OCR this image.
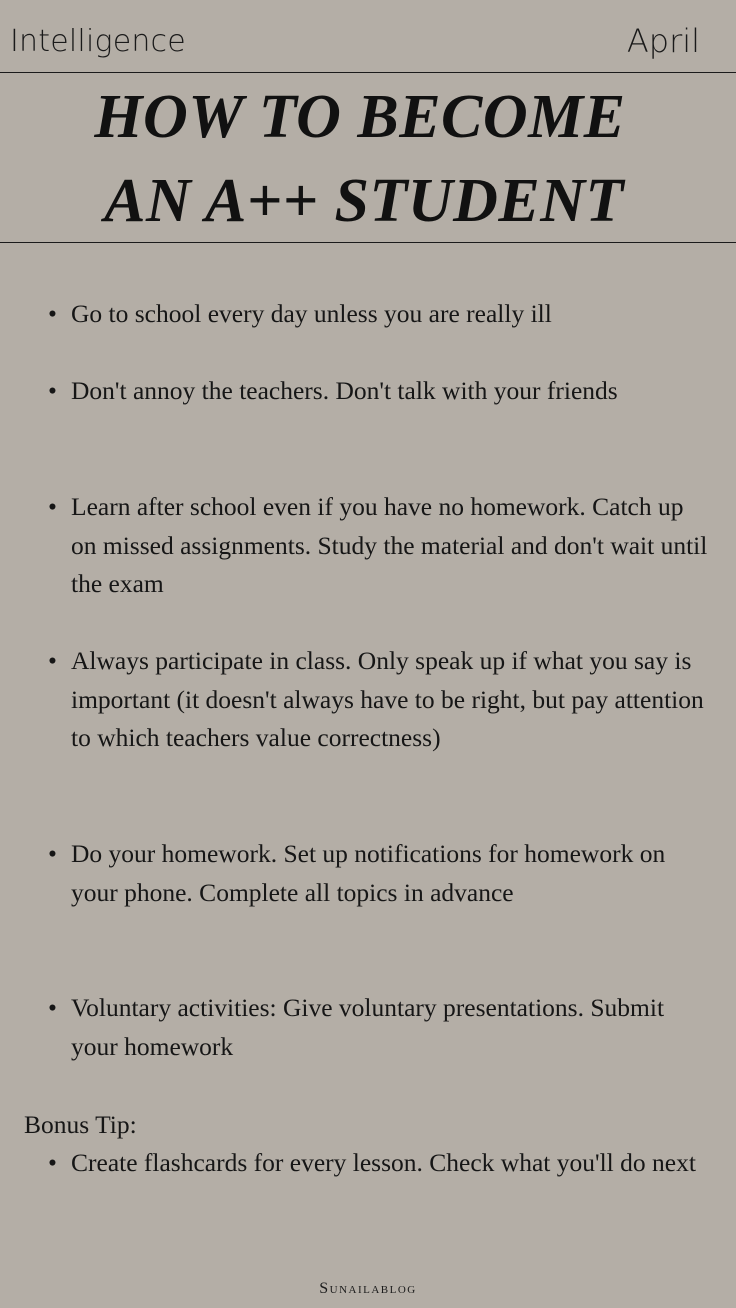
Intelligence	April
HOW TO BECOME
AN A++ STUDENT
• Go to school every day unless you are really ill
• Don't annoy the teachers. Don't talk with your friends
• Learn after school even if you have no homework. Catch up on missed assignments. Study the material and don't wait until the exam
• Always participate in class. Only speak up if what you say is important (it doesn't always have to be right, but pay attention to which teachers value correctness)
• Do your homework. Set up notifications for homework on your phone. Complete all topics in advance
• Voluntary activities: Give voluntary presentations. Submit your homework
Bonus Tip:
• Create flashcards for every lesson. Check what you'll do next
Sunailablog
